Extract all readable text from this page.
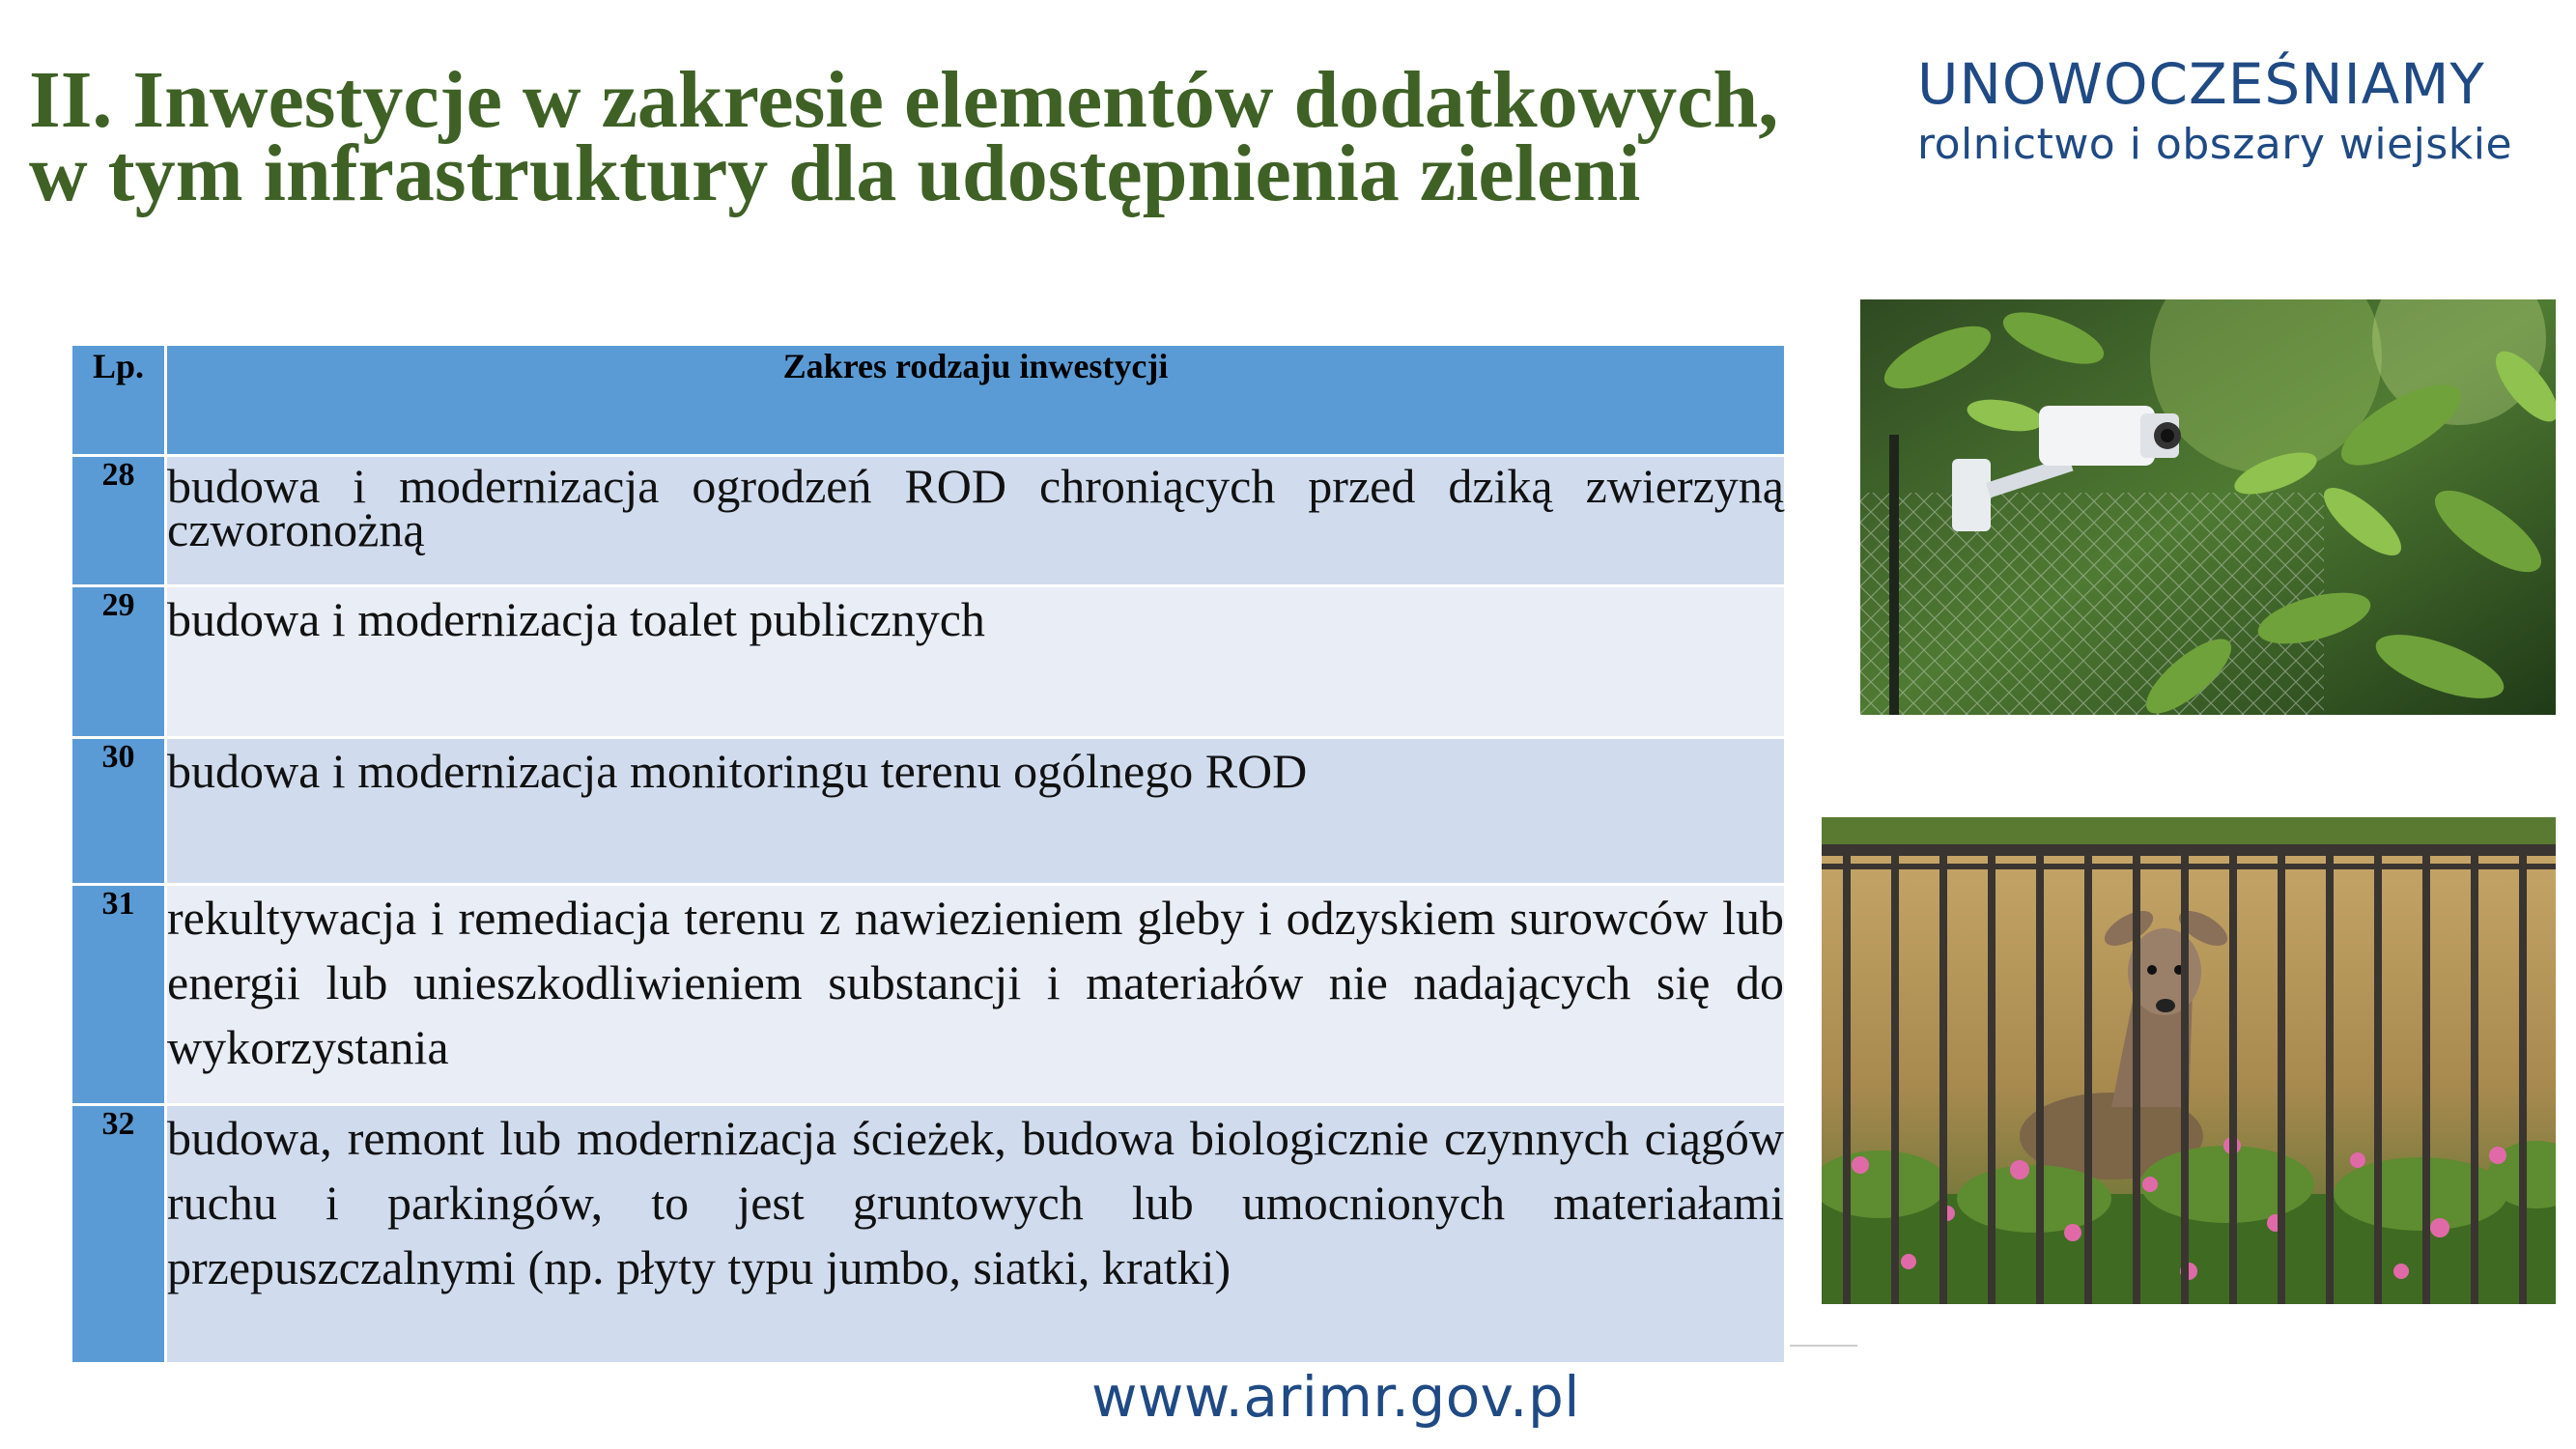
II. Inwestycje w zakresie elementów dodatkowych,
w tym infrastruktury dla udostępnienia zieleni
UNOWOCZEŚNIAMY
rolnictwo i obszary wiejskie
Lp.	Zakres rodzaju inwestycji
28	budowa i modernizacja ogrodzeń ROD chroniących przed dziką zwierzyną czworonożną
29	budowa i modernizacja toalet publicznych
30	budowa i modernizacja monitoringu terenu ogólnego ROD
31	rekultywacja i remediacja terenu z nawiezieniem gleby i odzyskiem surowców lub energii lub unieszkodliwieniem substancji i materiałów nie nadających się do wykorzystania
32	budowa, remont lub modernizacja ścieżek, budowa biologicznie czynnych ciągów ruchu i parkingów, to jest gruntowych lub umocnionych materiałami przepuszczalnymi (np. płyty typu jumbo, siatki, kratki)
www.arimr.gov.pl
